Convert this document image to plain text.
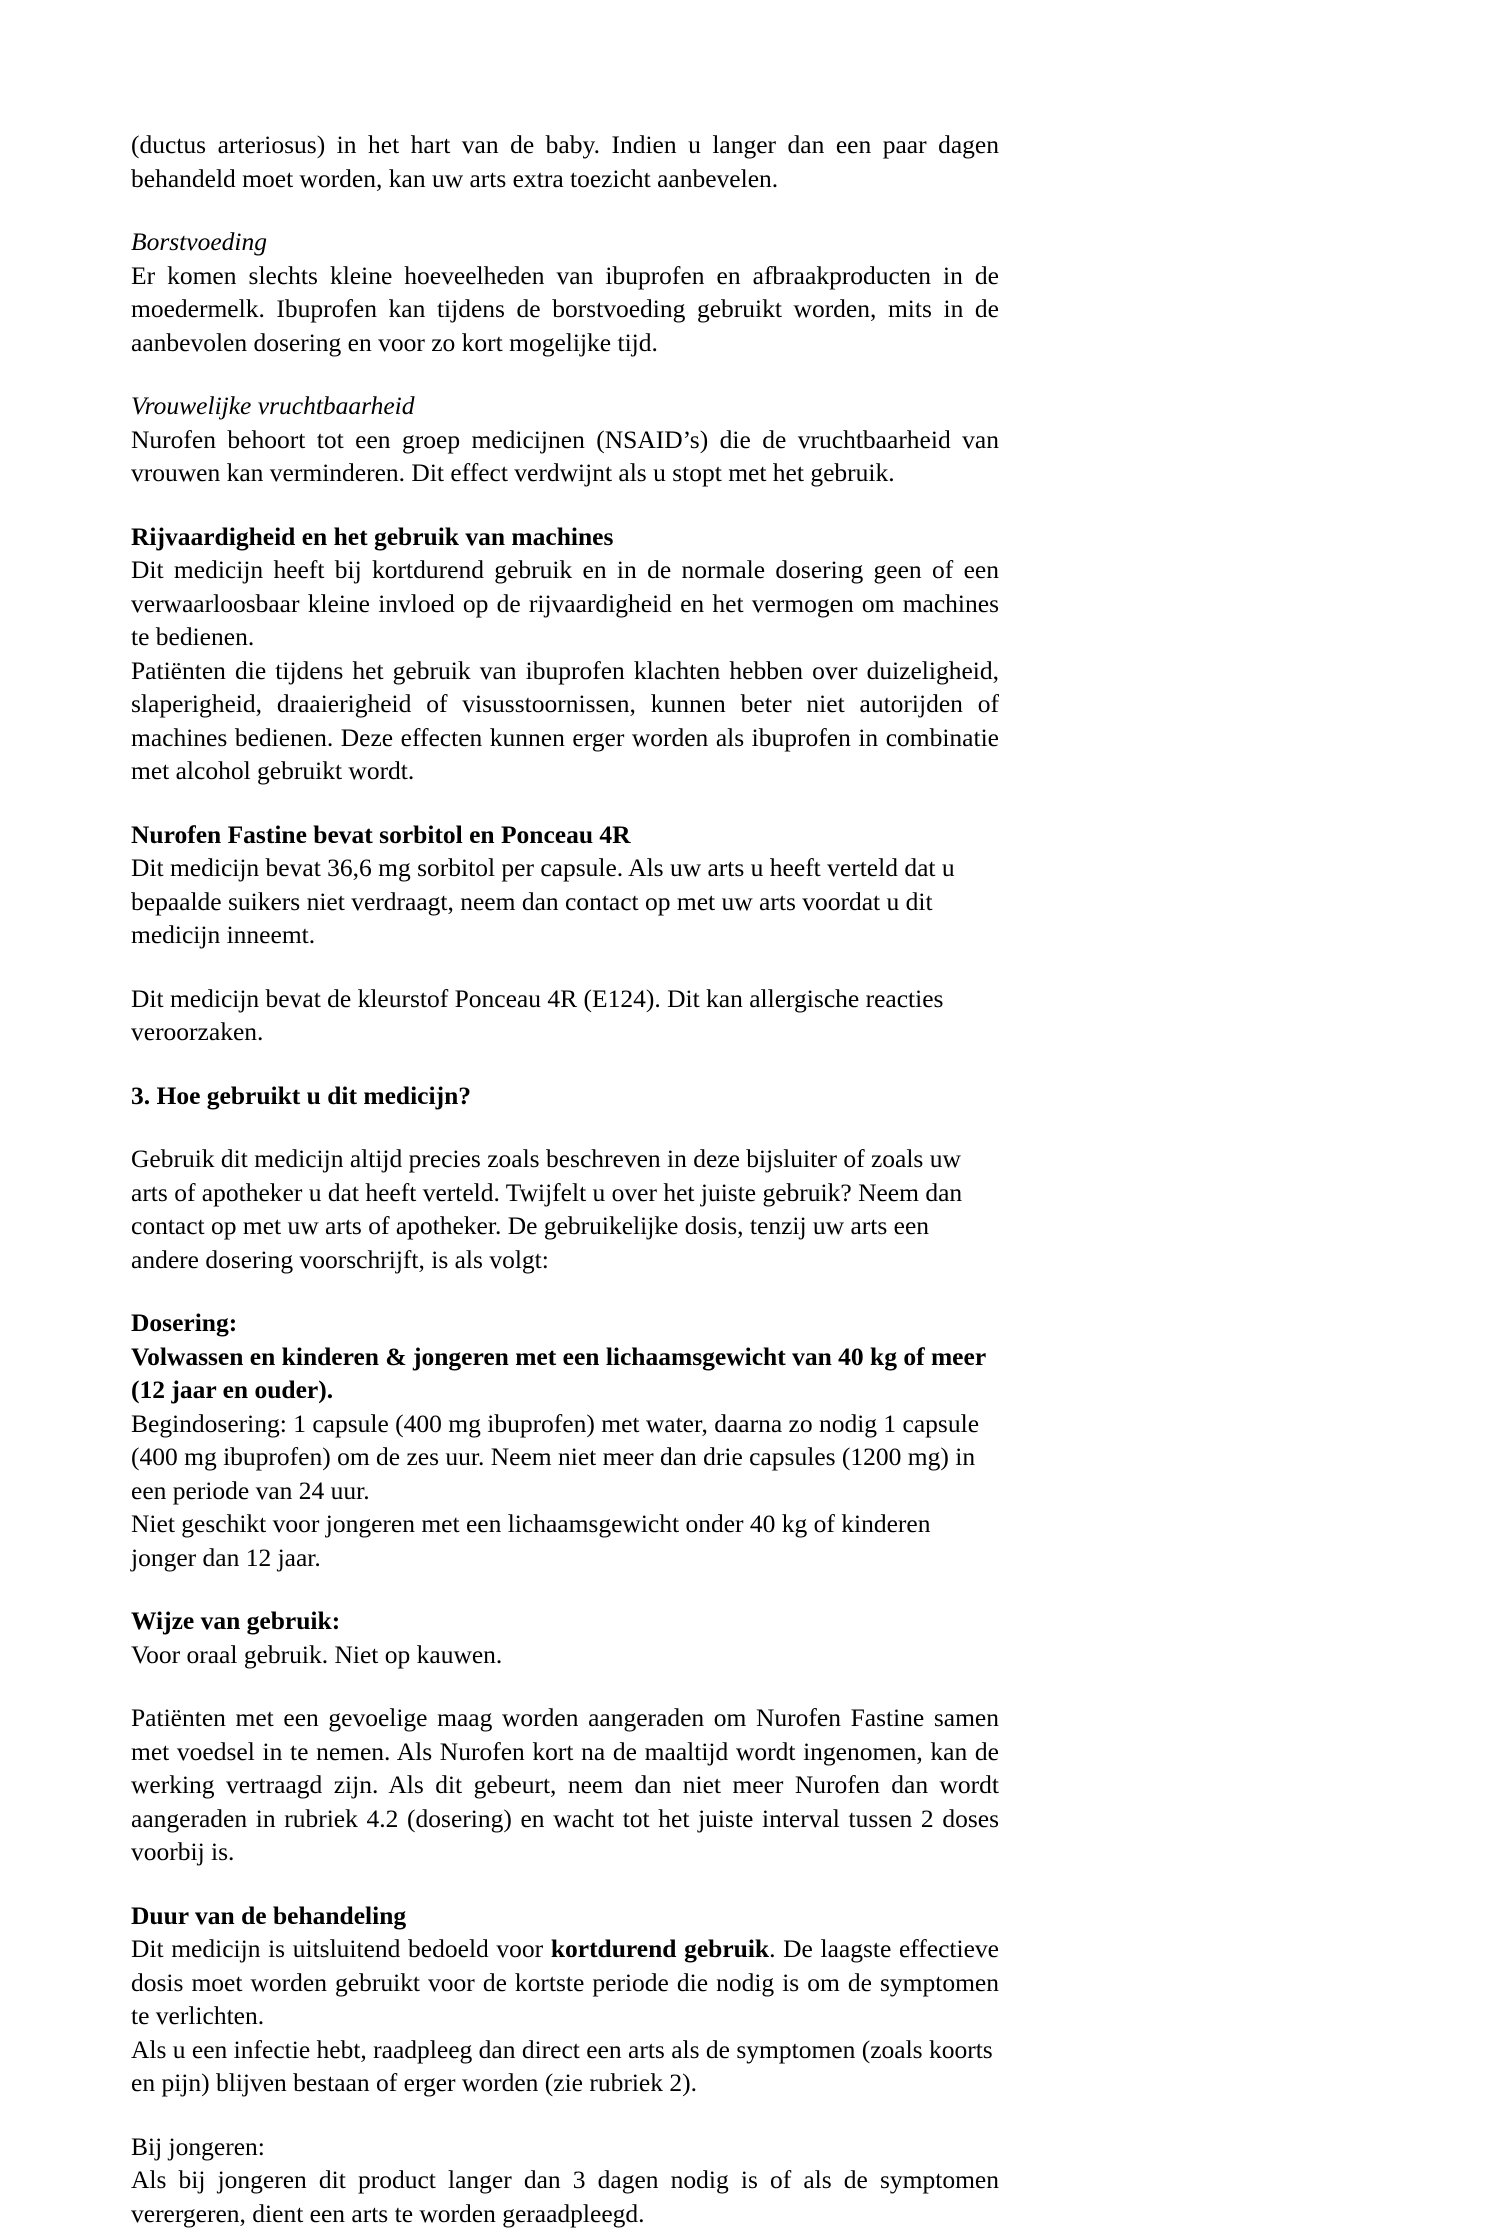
(ductus arteriosus) in het hart van de baby. Indien u langer dan een paar dagen behandeld moet worden, kan uw arts extra toezicht aanbevelen.

Borstvoeding

Er komen slechts kleine hoeveelheden van ibuprofen en afbraakproducten in de moedermelk. Ibuprofen kan tijdens de borstvoeding gebruikt worden, mits in de aanbevolen dosering en voor zo kort mogelijke tijd.

Vrouwelijke vruchtbaarheid

Nurofen behoort tot een groep medicijnen (NSAID’s) die de vruchtbaarheid van vrouwen kan verminderen. Dit effect verdwijnt als u stopt met het gebruik.

Rijvaardigheid en het gebruik van machines

Dit medicijn heeft bij kortdurend gebruik en in de normale dosering geen of een verwaarloosbaar kleine invloed op de rijvaardigheid en het vermogen om machines te bedienen.

Patiënten die tijdens het gebruik van ibuprofen klachten hebben over duizeligheid, slaperigheid, draaierigheid of visusstoornissen, kunnen beter niet autorijden of machines bedienen. Deze effecten kunnen erger worden als ibuprofen in combinatie met alcohol gebruikt wordt.

Nurofen Fastine bevat sorbitol en Ponceau 4R

Dit medicijn bevat 36,6 mg sorbitol per capsule. Als uw arts u heeft verteld dat u bepaalde suikers niet verdraagt, neem dan contact op met uw arts voordat u dit medicijn inneemt.

Dit medicijn bevat de kleurstof Ponceau 4R (E124). Dit kan allergische reacties veroorzaken.

3. Hoe gebruikt u dit medicijn?

Gebruik dit medicijn altijd precies zoals beschreven in deze bijsluiter of zoals uw arts of apotheker u dat heeft verteld. Twijfelt u over het juiste gebruik? Neem dan contact op met uw arts of apotheker. De gebruikelijke dosis, tenzij uw arts een andere dosering voorschrijft, is als volgt:

Dosering:
Volwassen en kinderen & jongeren met een lichaamsgewicht van 40 kg of meer (12 jaar en ouder).

Begindosering: 1 capsule (400 mg ibuprofen) met water, daarna zo nodig 1 capsule (400 mg ibuprofen) om de zes uur. Neem niet meer dan drie capsules (1200 mg) in een periode van 24 uur.

Niet geschikt voor jongeren met een lichaamsgewicht onder 40 kg of kinderen jonger dan 12 jaar.

Wijze van gebruik:

Voor oraal gebruik. Niet op kauwen.

Patiënten met een gevoelige maag worden aangeraden om Nurofen Fastine samen met voedsel in te nemen. Als Nurofen kort na de maaltijd wordt ingenomen, kan de werking vertraagd zijn. Als dit gebeurt, neem dan niet meer Nurofen dan wordt aangeraden in rubriek 4.2 (dosering) en wacht tot het juiste interval tussen 2 doses voorbij is.

Duur van de behandeling

Dit medicijn is uitsluitend bedoeld voor kortdurend gebruik. De laagste effectieve dosis moet worden gebruikt voor de kortste periode die nodig is om de symptomen te verlichten.

Als u een infectie hebt, raadpleeg dan direct een arts als de symptomen (zoals koorts en pijn) blijven bestaan of erger worden (zie rubriek 2).

Bij jongeren:

Als bij jongeren dit product langer dan 3 dagen nodig is of als de symptomen verergeren, dient een arts te worden geraadpleegd.
